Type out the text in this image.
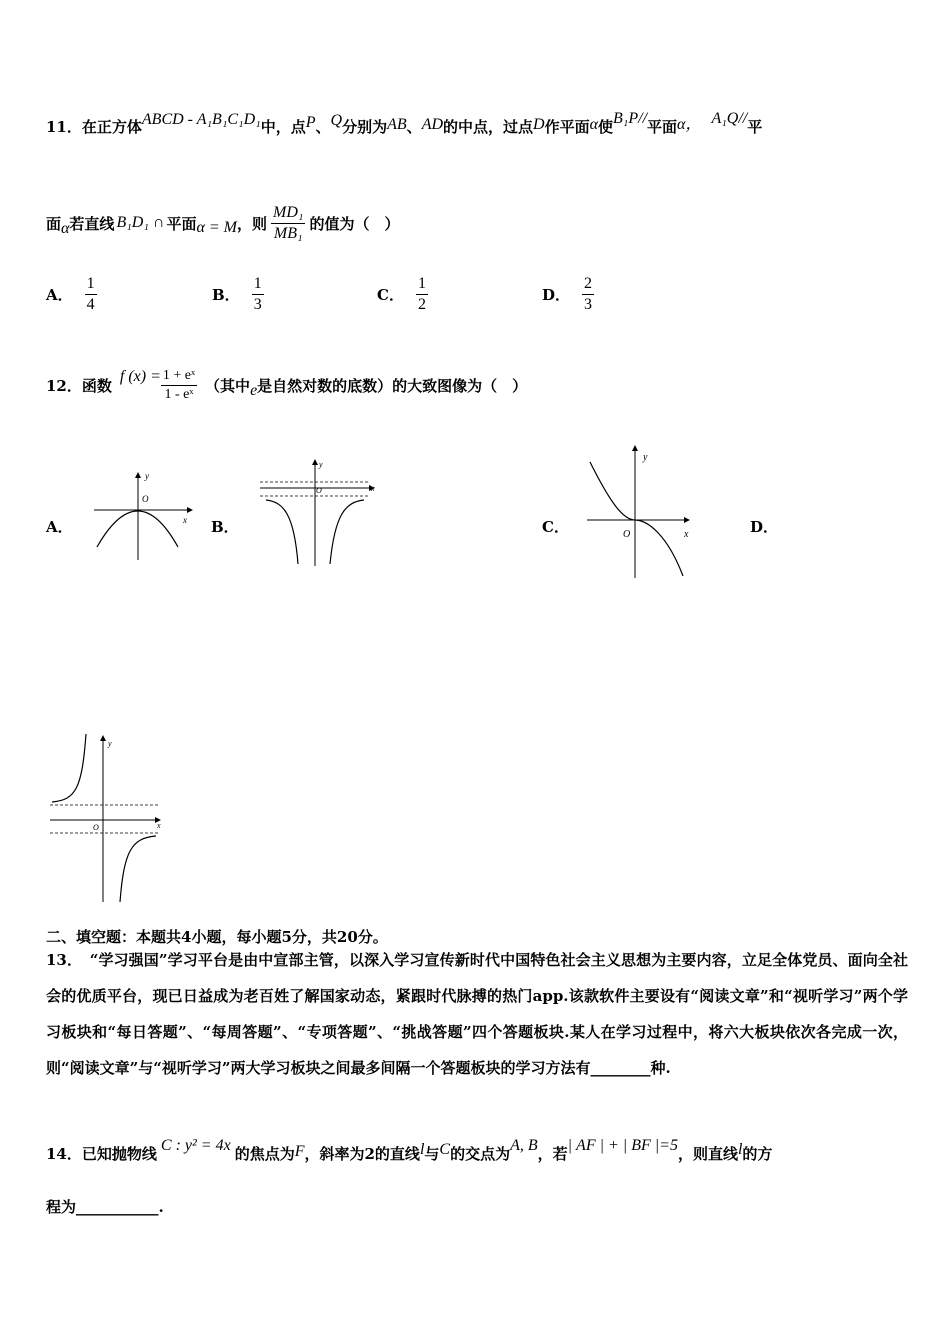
11．在正方体ABCD - A₁B₁C₁D₁中，点P、Q分别为AB、AD的中点，过点D作平面α使B₁P//平面α， A₁Q//平
面 α 若直线 B₁D₁ ∩ 平面 α = M ，则 $\frac{\text{MD₁}}{\text{MB₁}}$ 的值为（　）
A． $\frac{1}{4}$	B． $\frac{1}{3}$	C． $\frac{1}{2}$	D． $\frac{2}{3}$
12． 函数 f $(x) = \frac{\text{1 + eˣ}}{\text{1 - eˣ}}$ （其中 e 是自然对数的底数）的大致图像为（　）
A．	B．	C．	D．
y
x
O
y
x
O
y
x
O
y
x
O
二、填空题：本题共4小题，每小题5分，共20分。
13．　“学习强国”学习平台是由中宣部主管，以深入学习宣传新时代中国特色社会主义思想为主要内容，立足全体党员、面向全社会的优质平台，现已日益成为老百姓了解国家动态，紧跟时代脉搏的热门app.该款软件主要设有“阅读文章”和“视听学习”两个学习板块和“每日答题”、“每周答题”、“专项答题”、“挑战答题”四个答题板块.某人在学习过程中，将六大板块依次各完成一次，则“阅读文章”与“视听学习”两大学习板块之间最多间隔一个答题板块的学习方法有________种.
14．已知抛物线 C : y² = 4x 的焦点为F，斜率为2的直线l与C的交点为A, B，若| AF | + | BF |=5，则直线l的方
程为___________.
